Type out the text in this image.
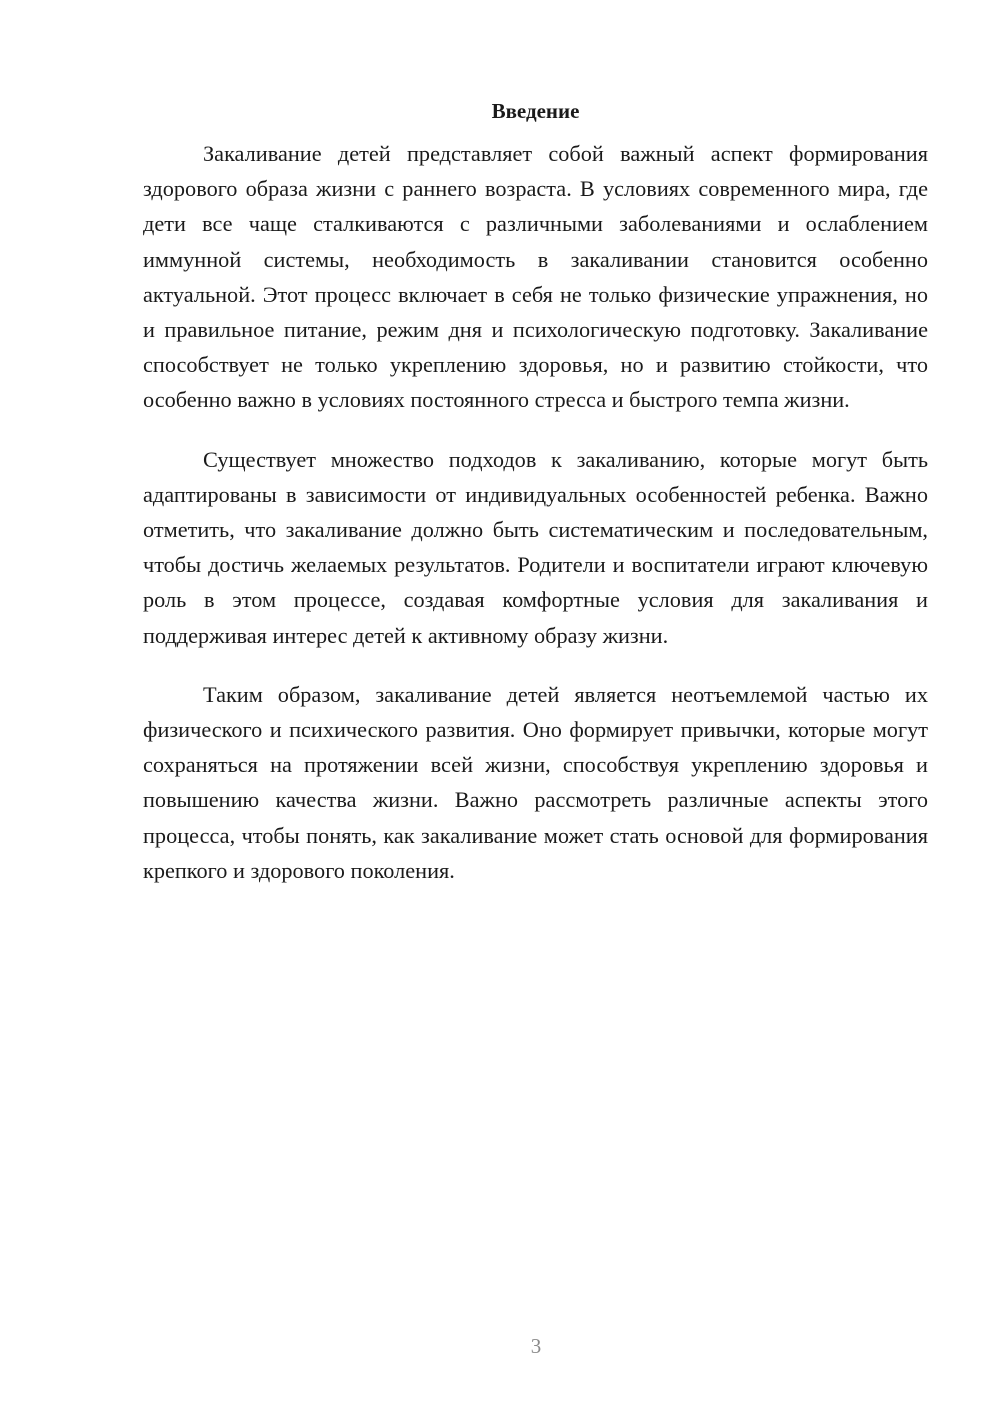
Введение

Закаливание детей представляет собой важный аспект формирования здорового образа жизни с раннего возраста. В условиях современного мира, где дети все чаще сталкиваются с различными заболеваниями и ослаблением иммунной системы, необходимость в закаливании становится особенно актуальной. Этот процесс включает в себя не только физические упражнения, но и правильное питание, режим дня и психологическую подготовку. Закаливание способствует не только укреплению здоровья, но и развитию стойкости, что особенно важно в условиях постоянного стресса и быстрого темпа жизни.

Существует множество подходов к закаливанию, которые могут быть адаптированы в зависимости от индивидуальных особенностей ребенка. Важно отметить, что закаливание должно быть систематическим и последовательным, чтобы достичь желаемых результатов. Родители и воспитатели играют ключевую роль в этом процессе, создавая комфортные условия для закаливания и поддерживая интерес детей к активному образу жизни.

Таким образом, закаливание детей является неотъемлемой частью их физического и психического развития. Оно формирует привычки, которые могут сохраняться на протяжении всей жизни, способствуя укреплению здоровья и повышению качества жизни. Важно рассмотреть различные аспекты этого процесса, чтобы понять, как закаливание может стать основой для формирования крепкого и здорового поколения.

3
